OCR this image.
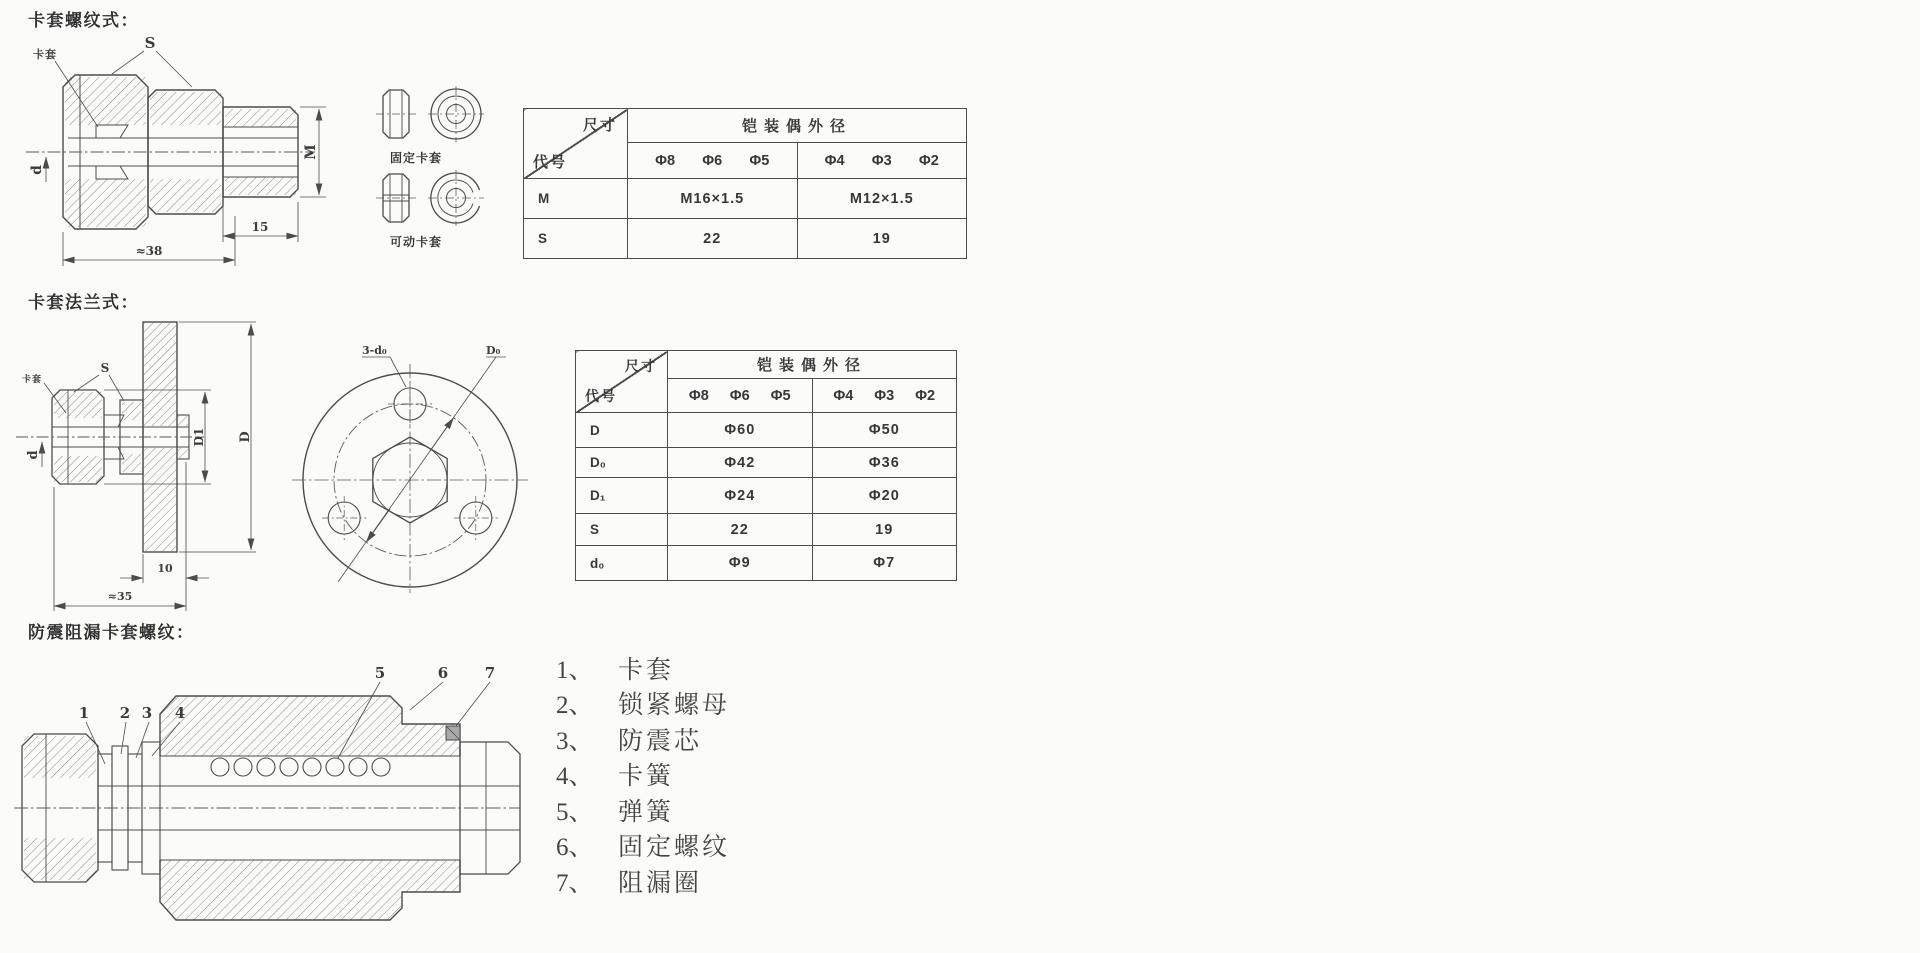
卡套螺纹式：
M
d
S
15
≈38
卡套
固定卡套
可动卡套
尺寸
代号	铠装偶外径	

	Φ8 Φ6 Φ5	Φ4 Φ3 Φ2

M	M16×1.5	M12×1.5
S	22	19
卡套法兰式：
D1 D
d
S
10
≈35
卡套
3-d₀	D₀
尺寸
代号	铠装偶外径	

	Φ8 Φ6 Φ5	Φ4 Φ3 Φ2

D	Φ60	Φ50
D₀	Φ42	Φ36
D₁	Φ24	Φ20
S	22	19
d₀	Φ9	Φ7
防震阻漏卡套螺纹：
1 2 3 4
5	6 7 1、 卡套
2、 锁紧螺母
3、 防震芯
4、 卡簧
5、 弹簧
6、 固定螺纹
7、 阻漏圈
